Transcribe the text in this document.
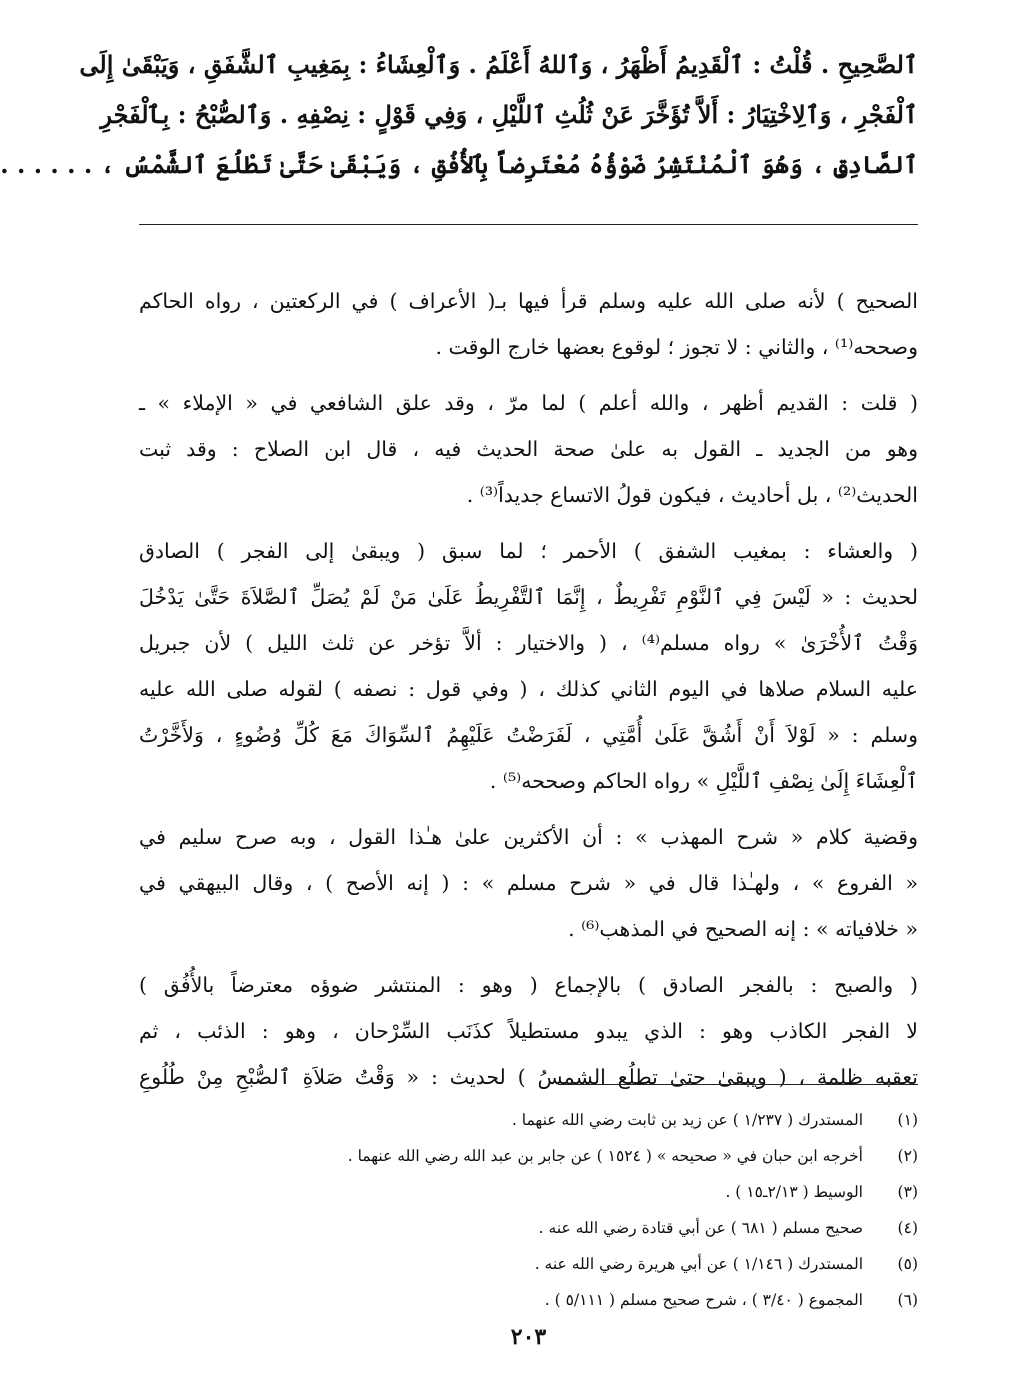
ٱلصَّحِيحِ . قُلْتُ : ٱلْقَدِيمُ أَظْهَرُ ، وَٱللهُ أَعْلَمُ . وَٱلْعِشَاءُ : بِمَغِيبِ ٱلشَّفَقِ ، وَيَبْقَىٰ إِلَى
ٱلْفَجْرِ ، وَٱلِاخْتِيَارُ : أَلاَّ تُؤَخَّرَ عَنْ ثُلُثِ ٱللَّيْلِ ، وَفِي قَوْلٍ : نِصْفِهِ . وَٱلصُّبْحُ : بِٱلْفَجْرِ
ٱلصَّادِقِ ، وَهُوَ ٱلْمُنْتَشِرُ ضَوْؤُهُ مُعْتَرِضاً بِٱلأُفُقِ ، وَيَبْقَىٰ حَتَّىٰ تَطْلُعَ ٱلشَّمْسُ ، . . . . . .
الصحيح ) لأنه صلى الله عليه وسلم قرأ فيها بـ( الأعراف ) في الركعتين ، رواه الحاكم
وصححه⁽¹⁾ ، والثاني : لا تجوز ؛ لوقوع بعضها خارج الوقت .
( قلت : القديم أظهر ، والله أعلم ) لما مرّ ، وقد علق الشافعي في « الإملاء » ـ
وهو من الجديد ـ القول به علىٰ صحة الحديث فيه ، قال ابن الصلاح : وقد ثبت
الحديث⁽²⁾ ، بل أحاديث ، فيكون قولُ الاتساع جديداً⁽³⁾ .
( والعشاء : بمغيب الشفق ) الأحمر ؛ لما سبق ( ويبقىٰ إلى الفجر ) الصادق
لحديث : « لَيْسَ فِي ٱلنَّوْمِ تَفْرِيطٌ ، إِنَّمَا ٱلتَّفْرِيطُ عَلَىٰ مَنْ لَمْ يُصَلِّ ٱلصَّلاَةَ حَتَّىٰ يَدْخُلَ
وَقْتُ ٱلأُخْرَىٰ » رواه مسلم⁽⁴⁾ ، ( والاختيار : ألاَّ تؤخر عن ثلث الليل ) لأن جبريل
عليه السلام صلاها في اليوم الثاني كذلك ، ( وفي قول : نصفه ) لقوله صلى الله عليه
وسلم : « لَوْلاَ أَنْ أَشُقَّ عَلَىٰ أُمَّتِي ، لَفَرَضْتُ عَلَيْهِمُ ٱلسِّوَاكَ مَعَ كُلِّ وُضُوءٍ ، وَلأَخَّرْتُ
ٱلْعِشَاءَ إِلَىٰ نِصْفِ ٱللَّيْلِ » رواه الحاكم وصححه⁽⁵⁾ .
وقضية كلام « شرح المهذب » : أن الأكثرين علىٰ هـٰذا القول ، وبه صرح سليم في
« الفروع » ، ولهـٰذا قال في « شرح مسلم » : ( إنه الأصح ) ، وقال البيهقي في
« خلافياته » : إنه الصحيح في المذهب⁽⁶⁾ .
( والصبح : بالفجر الصادق ) بالإجماع ( وهو : المنتشر ضوؤه معترضاً بالأُفُق )
لا الفجر الكاذب وهو : الذي يبدو مستطيلاً كذَنَب السِّرْحان ، وهو : الذئب ، ثم
تعقبه ظلمة ، ( ويبقىٰ حتىٰ تطلُع الشمسُ ) لحديث : « وَقْتُ صَلاَةِ ٱلصُّبْحِ مِنْ طُلُوعِ
(١)
المستدرك ( ١/٢٣٧ ) عن زيد بن ثابت رضي الله عنهما .
(٢)
أخرجه ابن حبان في « صحيحه » ( ١٥٢٤ ) عن جابر بن عبد الله رضي الله عنهما .
(٣)
الوسيط ( ٢/١٣ـ١٥ ) .
(٤)
صحيح مسلم ( ٦٨١ ) عن أبي قتادة رضي الله عنه .
(٥)
المستدرك ( ١/١٤٦ ) عن أبي هريرة رضي الله عنه .
(٦)
المجموع ( ٣/٤٠ ) ، شرح صحيح مسلم ( ٥/١١١ ) .
٢٠٣
